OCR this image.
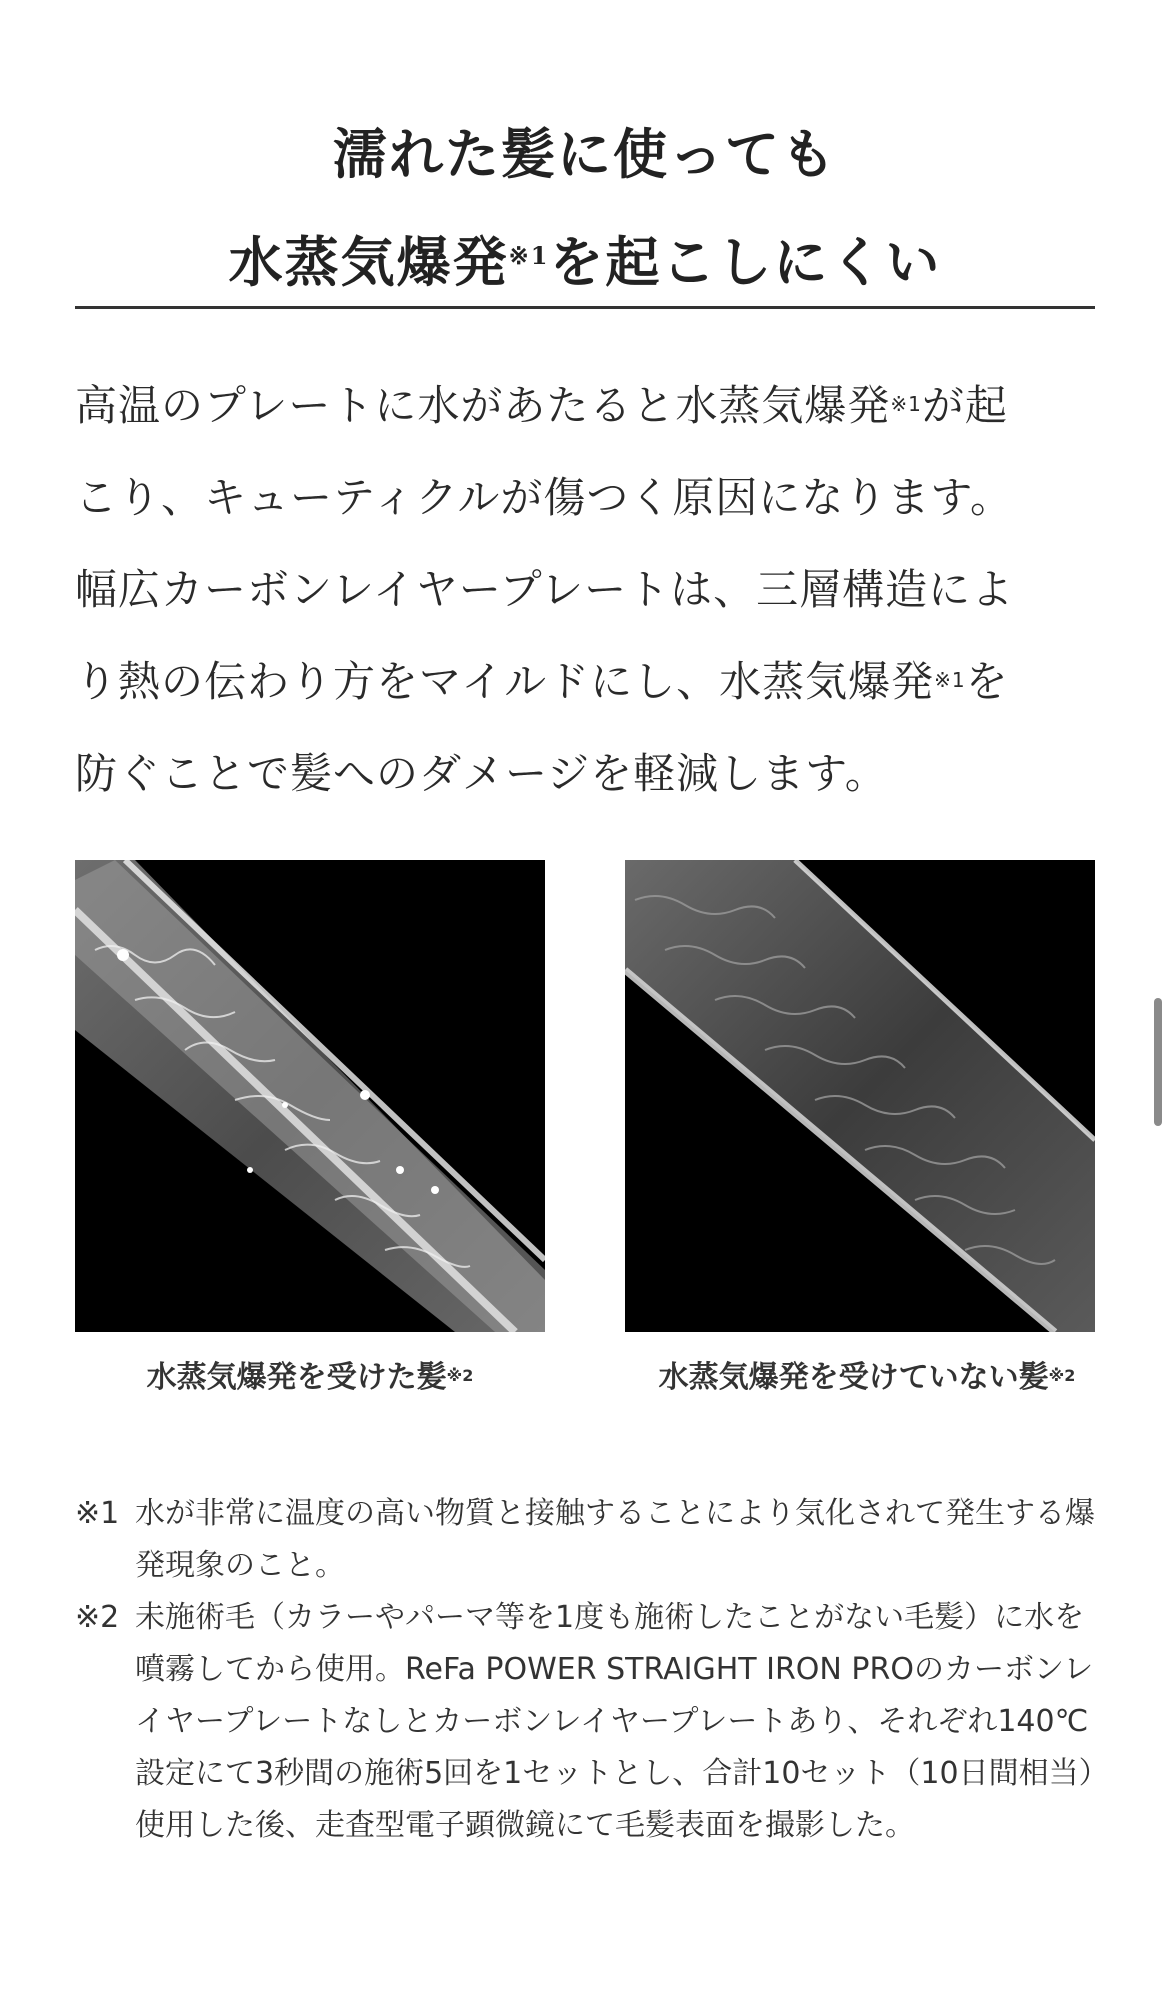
濡れた髪に使っても
水蒸気爆発$^{※1}$を起こしにくい
高温のプレートに水があたると水蒸気爆発$^{※1}$が起
こり、キューティクルが傷つく原因になります。
幅広カーボンレイヤープレートは、三層構造によ
り熱の伝わり方をマイルドにし、水蒸気爆発$^{※1}$を
防ぐことで髪へのダメージを軽減します。
水蒸気爆発を受けた髪$^{※2}$	水蒸気爆発を受けていない髪$^{※2}$
※1 水が非常に温度の高い物質と接触することにより気化されて発生する爆発現象のこと。
※2 未施術毛（カラーやパーマ等を1度も施術したことがない毛髪）に水を噴霧してから使用。ReFa POWER STRAIGHT IRON PROのカーボンレイヤープレートなしとカーボンレイヤープレートあり、それぞれ140℃設定にて3秒間の施術5回を1セットとし、合計10セット（10日間相当）使用した後、走査型電子顕微鏡にて毛髪表面を撮影した。
